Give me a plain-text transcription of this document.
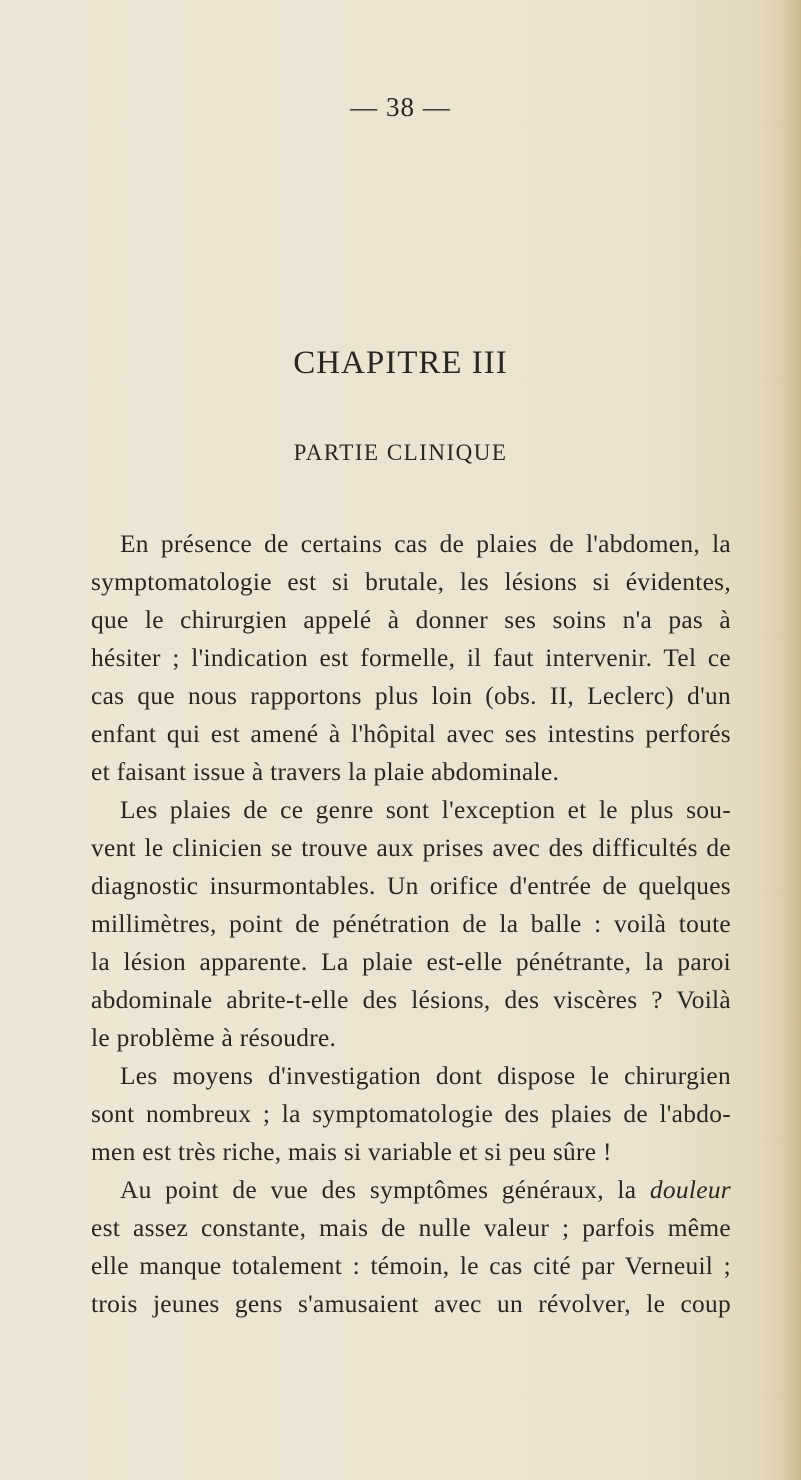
— 38 —

CHAPITRE III
PARTIE CLINIQUE

En présence de certains cas de plaies de l'abdomen, la
symptomatologie est si brutale, les lésions si évidentes,
que le chirurgien appelé à donner ses soins n'a pas à
hésiter ; l'indication est formelle, il faut intervenir. Tel ce
cas que nous rapportons plus loin (obs. II, Leclerc) d'un
enfant qui est amené à l'hôpital avec ses intestins perforés
et faisant issue à travers la plaie abdominale.

Les plaies de ce genre sont l'exception et le plus sou-
vent le clinicien se trouve aux prises avec des difficultés de
diagnostic insurmontables. Un orifice d'entrée de quelques
millimètres, point de pénétration de la balle : voilà toute
la lésion apparente. La plaie est-elle pénétrante, la paroi
abdominale abrite-t-elle des lésions, des viscères ? Voilà
le problème à résoudre.

Les moyens d'investigation dont dispose le chirurgien
sont nombreux ; la symptomatologie des plaies de l'abdo-
men est très riche, mais si variable et si peu sûre !

Au point de vue des symptômes généraux, la douleur
est assez constante, mais de nulle valeur ; parfois même
elle manque totalement : témoin, le cas cité par Verneuil ;
trois jeunes gens s'amusaient avec un révolver, le coup
